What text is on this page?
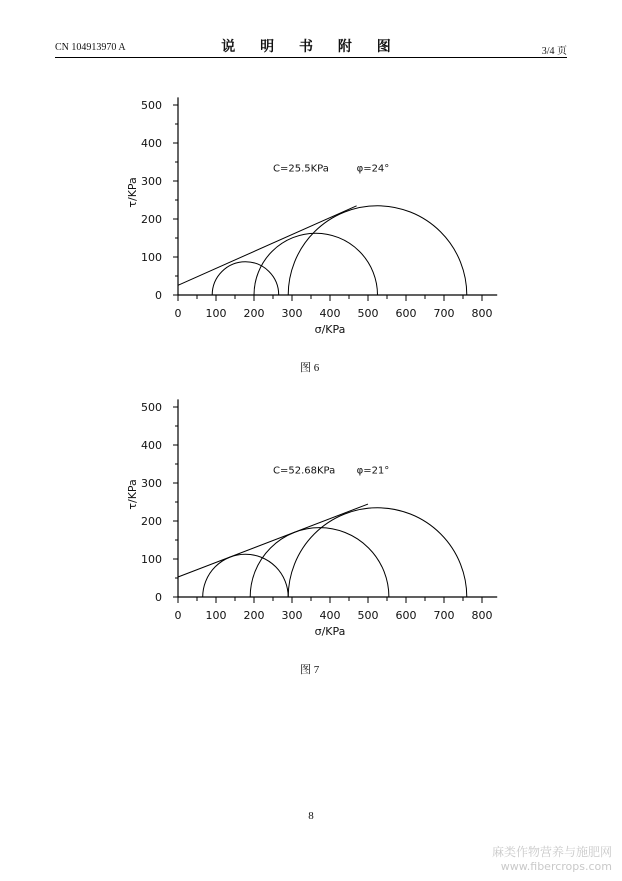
CN 104913970 A	说 明 书 附 图	3/4 页
0 100 200 300 400 500 600 700 800
0
100
200
300
400
500
σ/KPa
τ/KPa
C=25.5KPa	φ=24°
图 6
0 100 200 300 400 500 600 700 800
0
100
200
300
400
500
σ/KPa
τ/KPa
C=52.68KPa φ=21°
图 7
8
麻类作物营养与施肥网
www.fibercrops.com
